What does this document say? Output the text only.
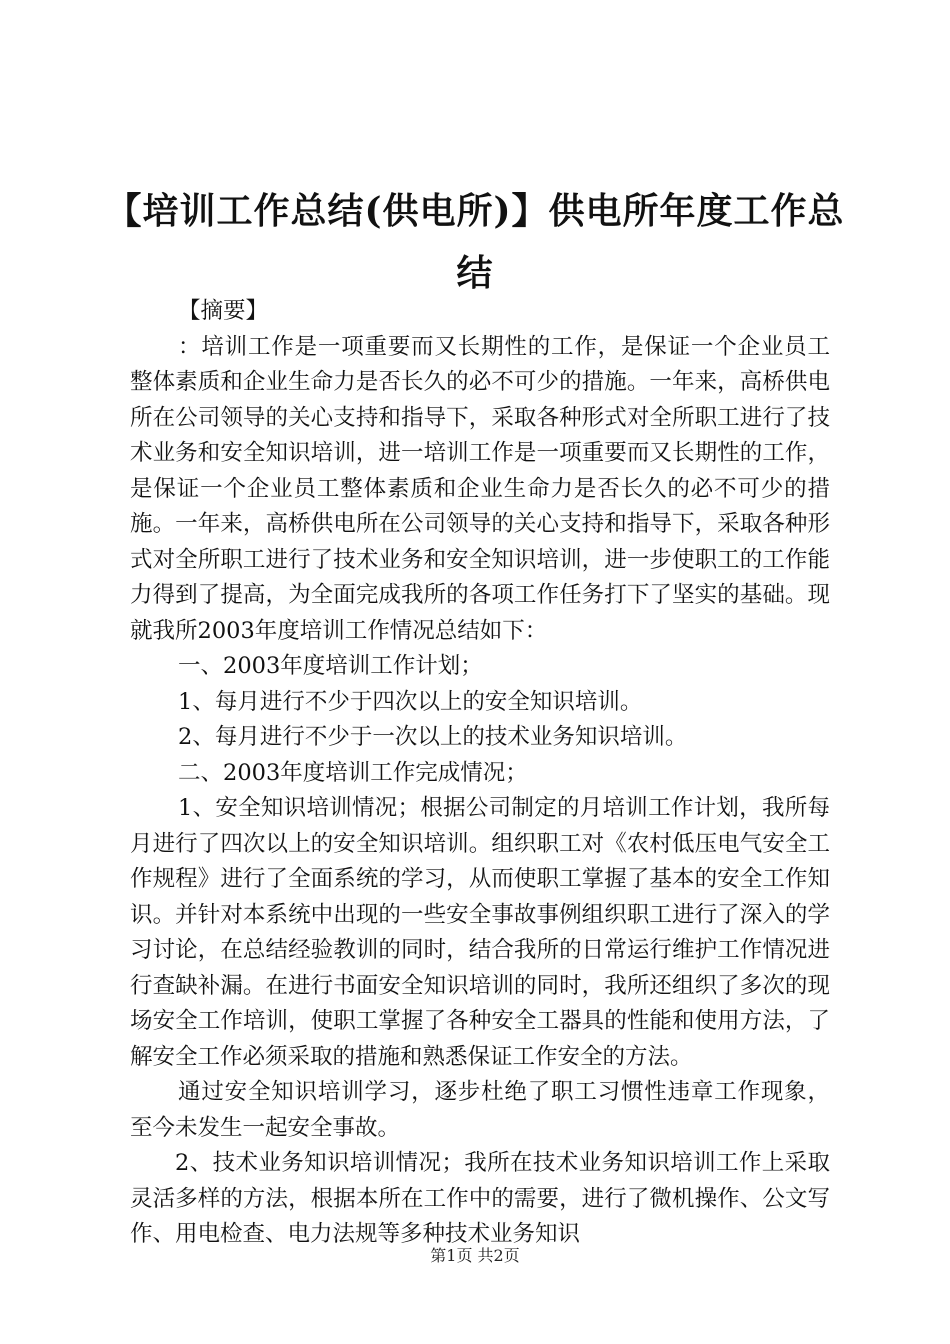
【培训工作总结(供电所)】供电所年度工作总结

【摘要】

：培训工作是一项重要而又长期性的工作，是保证一个企业员工整体素质和企业生命力是否长久的必不可少的措施。一年来，高桥供电所在公司领导的关心支持和指导下，采取各种形式对全所职工进行了技术业务和安全知识培训，进一培训工作是一项重要而又长期性的工作，是保证一个企业员工整体素质和企业生命力是否长久的必不可少的措施。一年来，高桥供电所在公司领导的关心支持和指导下，采取各种形式对全所职工进行了技术业务和安全知识培训，进一步使职工的工作能力得到了提高，为全面完成我所的各项工作任务打下了坚实的基础。现就我所2003年度培训工作情况总结如下：

一、2003年度培训工作计划；

1、每月进行不少于四次以上的安全知识培训。

2、每月进行不少于一次以上的技术业务知识培训。

二、2003年度培训工作完成情况；

1、安全知识培训情况；根据公司制定的月培训工作计划，我所每月进行了四次以上的安全知识培训。组织职工对《农村低压电气安全工作规程》进行了全面系统的学习，从而使职工掌握了基本的安全工作知识。并针对本系统中出现的一些安全事故事例组织职工进行了深入的学习讨论，在总结经验教训的同时，结合我所的日常运行维护工作情况进行查缺补漏。在进行书面安全知识培训的同时，我所还组织了多次的现场安全工作培训，使职工掌握了各种安全工器具的性能和使用方法，了解安全工作必须采取的措施和熟悉保证工作安全的方法。

通过安全知识培训学习，逐步杜绝了职工习惯性违章工作现象，至今未发生一起安全事故。

2、技术业务知识培训情况；我所在技术业务知识培训工作上采取灵活多样的方法，根据本所在工作中的需要，进行了微机操作、公文写作、用电检查、电力法规等多种技术业务知识

第1页 共2页
